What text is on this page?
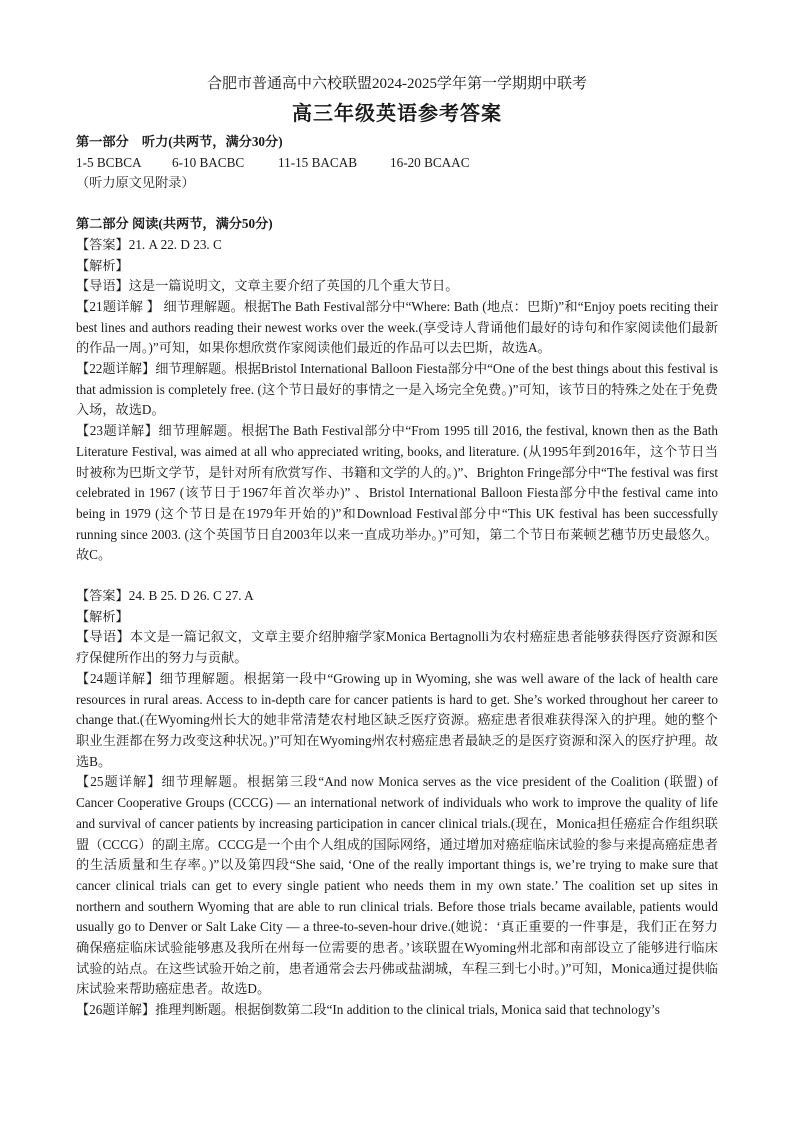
合肥市普通高中六校联盟2024-2025学年第一学期期中联考
高三年级英语参考答案

第一部分　听力(共两节，满分30分)

1-5 BCBCA	6-10 BACBC	11-15 BACAB	16-20 BCAAC

（听力原文见附录）

第二部分 阅读(共两节，满分50分)

【答案】21. A 22. D 23. C

【解析】

【导语】这是一篇说明文，文章主要介绍了英国的几个重大节日。

【21题详解 】 细节理解题。根据The Bath Festival部分中“Where: Bath (地点：巴斯)”和“Enjoy poets reciting their best lines and authors reading their newest works over the week.(享受诗人背诵他们最好的诗句和作家阅读他们最新的作品一周。)”可知，如果你想欣赏作家阅读他们最近的作品可以去巴斯，故选A。

【22题详解】细节理解题。根据Bristol International Balloon Fiesta部分中“One of the best things about this festival is that admission is completely free. (这个节日最好的事情之一是入场完全免费。)”可知，该节日的特殊之处在于免费入场，故选D。

【23题详解】细节理解题。根据The Bath Festival部分中“From 1995 till 2016, the festival, known then as the Bath Literature Festival, was aimed at all who appreciated writing, books, and literature. (从1995年到2016年，这个节日当时被称为巴斯文学节，是针对所有欣赏写作、书籍和文学的人的。)”、Brighton Fringe部分中“The festival was first celebrated in 1967 (该节日于1967年首次举办)” 、Bristol International Balloon Fiesta部分中the festival came into being in 1979 (这个节日是在1979年开始的)”和Download Festival部分中“This UK festival has been successfully running since 2003. (这个英国节日自2003年以来一直成功举办。)”可知，第二个节日布莱顿艺穗节历史最悠久。故C。

【答案】24. B 25. D 26. C 27. A

【解析】

【导语】本文是一篇记叙文，文章主要介绍肿瘤学家Monica Bertagnolli为农村癌症患者能够获得医疗资源和医疗保健所作出的努力与贡献。

【24题详解】细节理解题。根据第一段中“Growing up in Wyoming, she was well aware of the lack of health care resources in rural areas. Access to in-depth care for cancer patients is hard to get. She’s worked throughout her career to change that.(在Wyoming州长大的她非常清楚农村地区缺乏医疗资源。癌症患者很难获得深入的护理。她的整个职业生涯都在努力改变这种状况。)”可知在Wyoming州农村癌症患者最缺乏的是医疗资源和深入的医疗护理。故选B。

【25题详解】细节理解题。根据第三段“And now Monica serves as the vice president of the Coalition (联盟) of Cancer Cooperative Groups (CCCG) — an international network of individuals who work to improve the quality of life and survival of cancer patients by increasing participation in cancer clinical trials.(现在，Monica担任癌症合作组织联盟（CCCG）的副主席。CCCG是一个由个人组成的国际网络，通过增加对癌症临床试验的参与来提高癌症患者的生活质量和生存率。)”以及第四段“She said, ‘One of the really important things is, we’re trying to make sure that cancer clinical trials can get to every single patient who needs them in my own state.’ The coalition set up sites in northern and southern Wyoming that are able to run clinical trials. Before those trials became available, patients would usually go to Denver or Salt Lake City — a three-to-seven-hour drive.(她说：‘真正重要的一件事是，我们正在努力确保癌症临床试验能够惠及我所在州每一位需要的患者。’该联盟在Wyoming州北部和南部设立了能够进行临床试验的站点。在这些试验开始之前，患者通常会去丹佛或盐湖城，车程三到七小时。)”可知，Monica通过提供临床试验来帮助癌症患者。故选D。

【26题详解】推理判断题。根据倒数第二段“In addition to the clinical trials, Monica said that technology’s
